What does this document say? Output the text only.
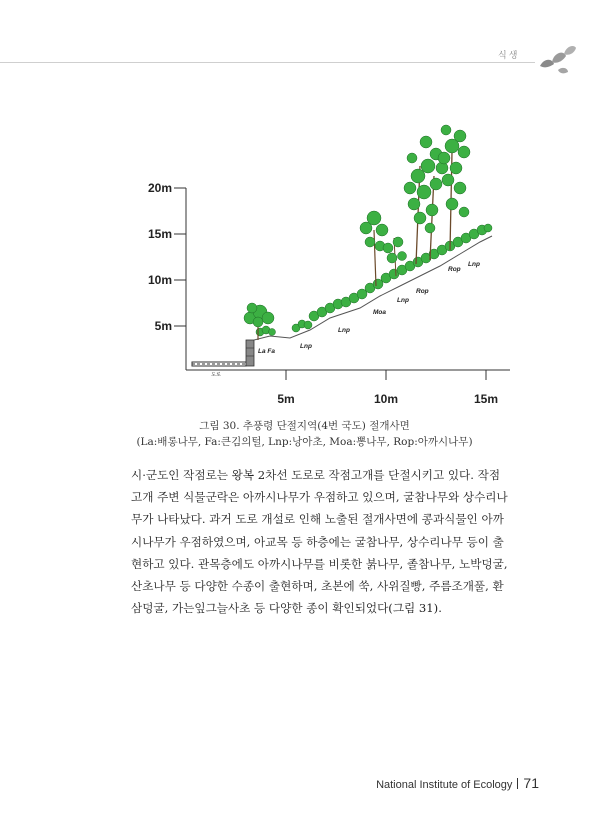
식생
20m
15m
10m
5m
5m	10m	15m
도로
La Fa
Lnp
Lnp
Moa
Lnp
Rop
Rop
Lnp
그림 30. 추풍령 단절지역(4번 국도) 절개사면
(La:배롱나무, Fa:큰김의털, Lnp:낭아초, Moa:뽕나무, Rop:아까시나무)
시·군도인 작점로는 왕복 2차선 도로로 작점고개를 단절시키고 있다. 작점
고개 주변 식물군락은 아까시나무가 우점하고 있으며, 굴참나무와 상수리나
무가 나타났다. 과거 도로 개설로 인해 노출된 절개사면에 콩과식물인 아까
시나무가 우점하였으며, 아교목 등 하층에는 굴참나무, 상수리나무 등이 출
현하고 있다. 관목층에도 아까시나무를 비롯한 붉나무, 졸참나무, 노박덩굴,
산초나무 등 다양한 수종이 출현하며, 초본에 쑥, 사위질빵, 주름조개풀, 환
삼덩굴, 가는잎그늘사초 등 다양한 종이 확인되었다(그림 31).
National Institute of Ecology 71
